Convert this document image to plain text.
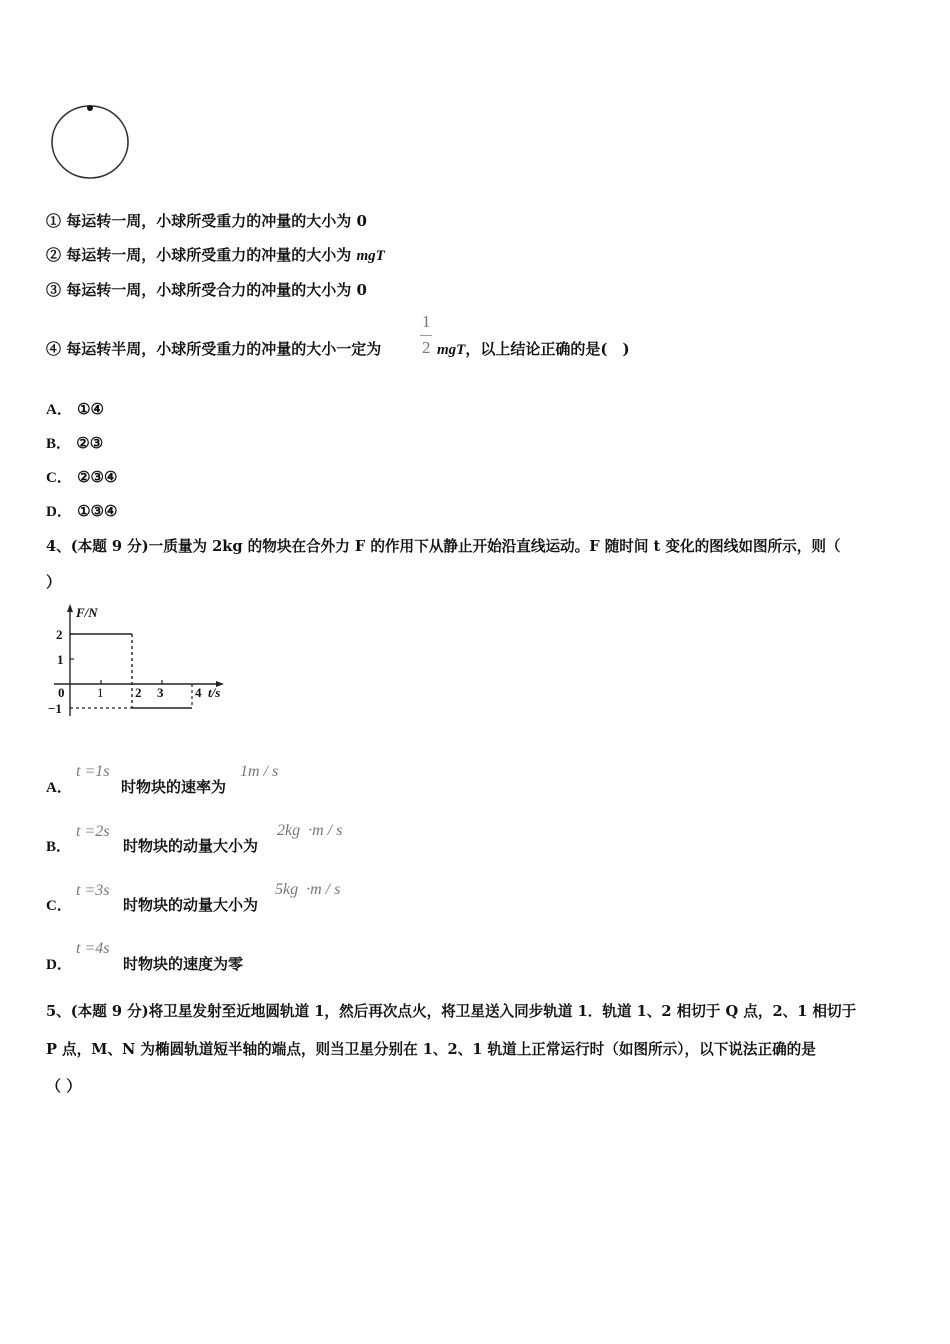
① 每运转一周，小球所受重力的冲量的大小为 0
② 每运转一周，小球所受重力的冲量的大小为 mgT
③ 每运转一周，小球所受合力的冲量的大小为 0
④ 每运转半周，小球所受重力的冲量的大小一定为
1
2 mgT，以上结论正确的是(　)
A． ①④
B． ②③
C． ②③④
D． ①③④
4、(本题 9 分)一质量为 2kg 的物块在合外力 F 的作用下从静止开始沿直线运动。F 随时间 t 变化的图线如图所示，则（
）
F/N
2
1
0
−1
1 2 3 4 t/s
A．
t =1s
时物块的速率为
1m / s
B．
t =2s
时物块的动量大小为
2kg  ·m / s
C．
t =3s
时物块的动量大小为
5kg  ·m / s
D．
t =4s
时物块的速度为零
5、(本题 9 分)将卫星发射至近地圆轨道 1，然后再次点火，将卫星送入同步轨道 1．轨道 1、2 相切于 Q 点，2、1 相切于
P 点，M、N 为椭圆轨道短半轴的端点，则当卫星分别在 1、2、1 轨道上正常运行时（如图所示），以下说法正确的是
（ ）
